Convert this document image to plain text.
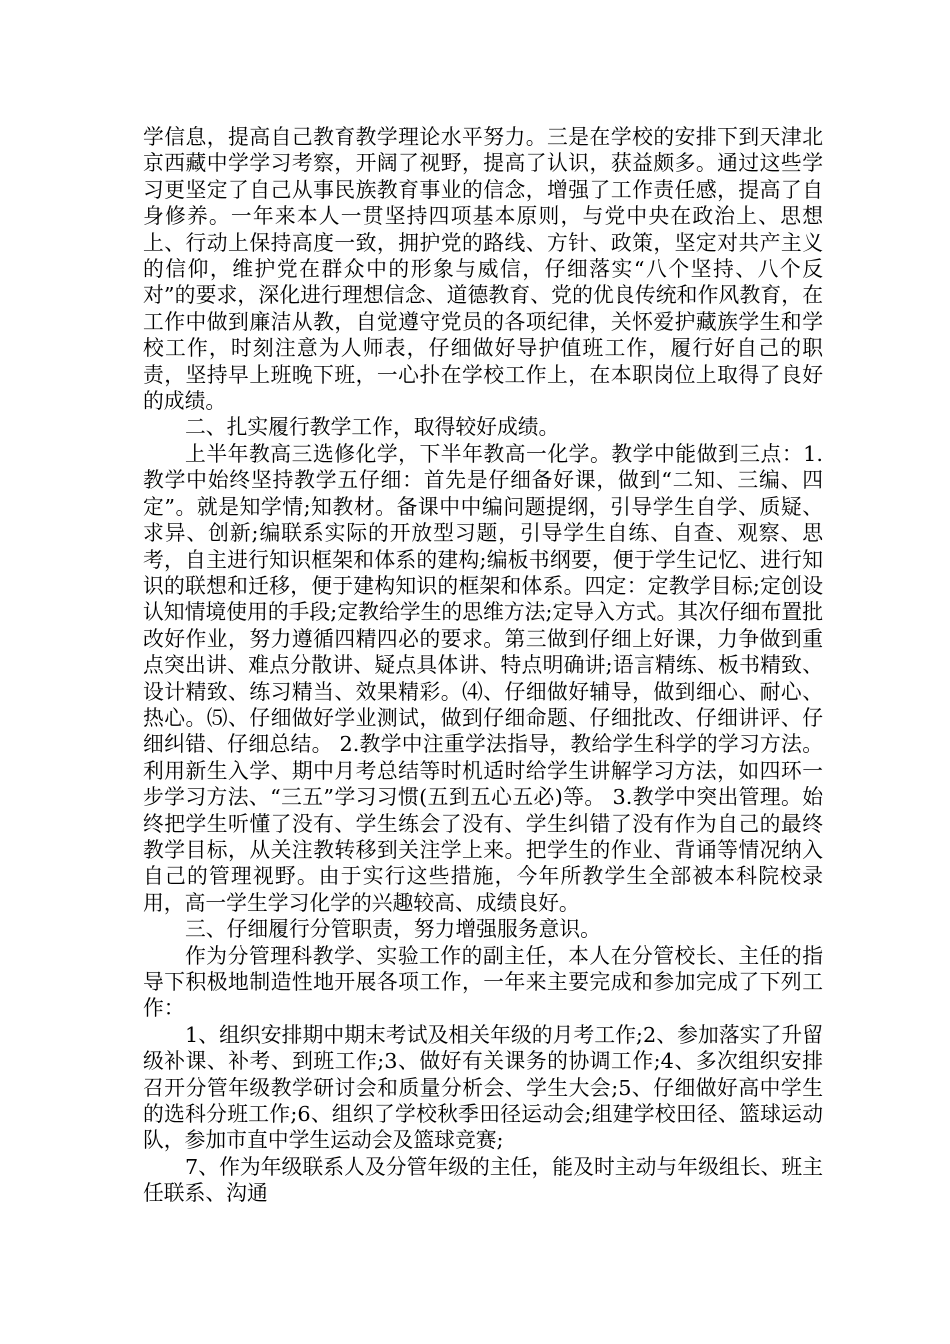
学信息，提高自己教育教学理论水平努力。三是在学校的安排下到天津北京西藏中学学习考察，开阔了视野，提高了认识，获益颇多。通过这些学习更坚定了自己从事民族教育事业的信念，增强了工作责任感，提高了自身修养。一年来本人一贯坚持四项基本原则，与党中央在政治上、思想上、行动上保持高度一致，拥护党的路线、方针、政策，坚定对共产主义的信仰，维护党在群众中的形象与威信，仔细落实“八个坚持、八个反对”的要求，深化进行理想信念、道德教育、党的优良传统和作风教育，在工作中做到廉洁从教，自觉遵守党员的各项纪律，关怀爱护藏族学生和学校工作，时刻注意为人师表，仔细做好导护值班工作，履行好自己的职责，坚持早上班晚下班，一心扑在学校工作上，在本职岗位上取得了良好的成绩。

二、扎实履行教学工作，取得较好成绩。

上半年教高三选修化学，下半年教高一化学。教学中能做到三点：1.教学中始终坚持教学五仔细：首先是仔细备好课，做到“二知、三编、四定”。就是知学情;知教材。备课中中编问题提纲，引导学生自学、质疑、求异、创新;编联系实际的开放型习题，引导学生自练、自查、观察、思考，自主进行知识框架和体系的建构;编板书纲要，便于学生记忆、进行知识的联想和迁移，便于建构知识的框架和体系。四定：定教学目标;定创设认知情境使用的手段;定教给学生的思维方法;定导入方式。其次仔细布置批改好作业，努力遵循四精四必的要求。第三做到仔细上好课，力争做到重点突出讲、难点分散讲、疑点具体讲、特点明确讲;语言精练、板书精致、设计精致、练习精当、效果精彩。⑷、仔细做好辅导，做到细心、耐心、热心。⑸、仔细做好学业测试，做到仔细命题、仔细批改、仔细讲评、仔细纠错、仔细总结。 2.教学中注重学法指导，教给学生科学的学习方法。利用新生入学、期中月考总结等时机适时给学生讲解学习方法，如四环一步学习方法、“三五”学习习惯(五到五心五必)等。 3.教学中突出管理。始终把学生听懂了没有、学生练会了没有、学生纠错了没有作为自己的最终教学目标，从关注教转移到关注学上来。把学生的作业、背诵等情况纳入自己的管理视野。由于实行这些措施，今年所教学生全部被本科院校录用，高一学生学习化学的兴趣较高、成绩良好。

三、仔细履行分管职责，努力增强服务意识。

作为分管理科教学、实验工作的副主任，本人在分管校长、主任的指导下积极地制造性地开展各项工作，一年来主要完成和参加完成了下列工作：

1、组织安排期中期末考试及相关年级的月考工作;2、参加落实了升留级补课、补考、到班工作;3、做好有关课务的协调工作;4、多次组织安排召开分管年级教学研讨会和质量分析会、学生大会;5、仔细做好高中学生的选科分班工作;6、组织了学校秋季田径运动会;组建学校田径、篮球运动队，参加市直中学生运动会及篮球竞赛;

7、作为年级联系人及分管年级的主任，能及时主动与年级组长、班主任联系、沟通
